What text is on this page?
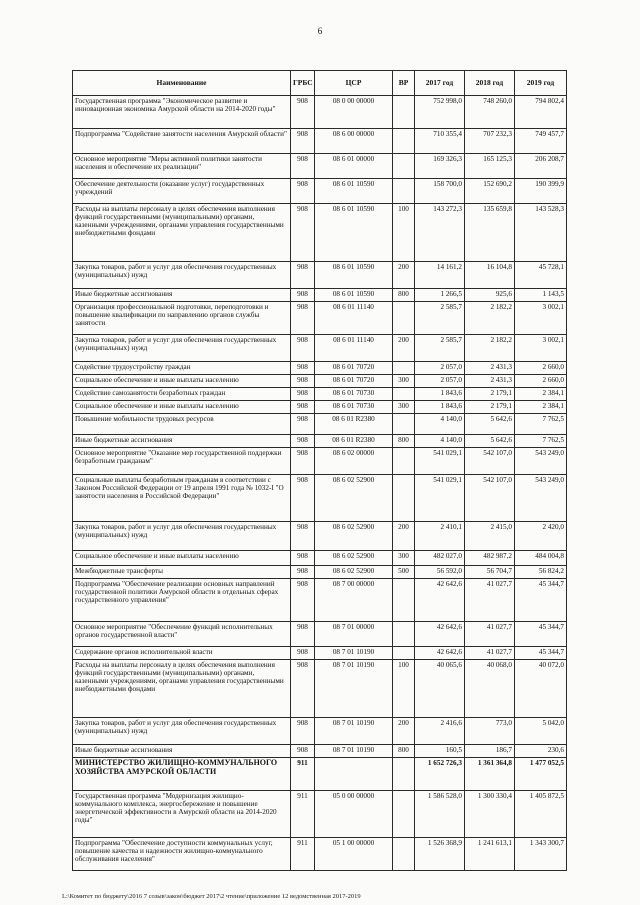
6
Наименование	ГРБС	ЦСР	ВР	2017 год	2018 год	2019 год
Государственная программа "Экономическое развитие и инновационная экономика Амурской области на 2014-2020 годы"	908	08 0 00 00000		752 998,0	748 260,0	794 802,4
Подпрограмма "Содействие занятости населения Амурской области"	908	08 6 00 00000		710 355,4	707 232,3	749 457,7
Основное мероприятие "Меры активной политики занятости населения и обеспечение их реализации"	908	08 6 01 00000		169 326,3	165 125,3	206 208,7
Обеспечение деятельности (оказание услуг) государственных учреждений	908	08 6 01 10590		158 700,0	152 690,2	190 399,9
Расходы на выплаты персоналу в целях обеспечения выполнения функций государственными (муниципальными) органами, казенными учреждениями, органами управления государственными внебюджетными фондами	908	08 6 01 10590	100	143 272,3	135 659,8	143 528,3
Закупка товаров, работ и услуг для обеспечения государственных (муниципальных) нужд	908	08 6 01 10590	200	14 161,2	16 104,8	45 728,1
Иные бюджетные ассигнования	908	08 6 01 10590	800	1 266,5	925,6	1 143,5
Организация профессиональной подготовки, переподготовки и повышение квалификации по направлению органов службы занятости	908	08 6 01 11140		2 585,7	2 182,2	3 002,1
Закупка товаров, работ и услуг для обеспечения государственных (муниципальных) нужд	908	08 6 01 11140	200	2 585,7	2 182,2	3 002,1
Содействие трудоустройству граждан	908	08 6 01 70720		2 057,0	2 431,3	2 660,0
Социальное обеспечение и иные выплаты населению	908	08 6 01 70720	300	2 057,0	2 431,3	2 660,0
Содействие самозанятости безработных граждан	908	08 6 01 70730		1 843,6	2 179,1	2 384,1
Социальное обеспечение и иные выплаты населению	908	08 6 01 70730	300	1 843,6	2 179,1	2 384,1
Повышение мобильности трудовых ресурсов	908	08 6 01 R2380		4 140,0	5 642,6	7 762,5
Иные бюджетные ассигнования	908	08 6 01 R2380	800	4 140,0	5 642,6	7 762,5
Основное мероприятие "Оказание мер государственной поддержки безработным гражданам"	908	08 6 02 00000		541 029,1	542 107,0	543 249,0
Социальные выплаты безработным гражданам в соответствии с Законом Российской Федерации от 19 апреля 1991 года № 1032-I "О занятости населения в Российской Федерации"	908	08 6 02 52900		541 029,1	542 107,0	543 249,0
Закупка товаров, работ и услуг для обеспечения государственных (муниципальных) нужд	908	08 6 02 52900	200	2 410,1	2 415,0	2 420,0
Социальное обеспечение и иные выплаты населению	908	08 6 02 52900	300	482 027,0	482 987,2	484 004,8
Межбюджетные трансферты	908	08 6 02 52900	500	56 592,0	56 704,7	56 824,2
Подпрограмма "Обеспечение реализации основных направлений государственной политики Амурской области в отдельных сферах государственного управления"	908	08 7 00 00000		42 642,6	41 027,7	45 344,7
Основное мероприятие "Обеспечение функций исполнительных органов государственной власти"	908	08 7 01 00000		42 642,6	41 027,7	45 344,7
Содержание органов исполнительной власти	908	08 7 01 10190		42 642,6	41 027,7	45 344,7
Расходы на выплаты персоналу в целях обеспечения выполнения функций государственными (муниципальными) органами, казенными учреждениями, органами управления государственными внебюджетными фондами	908	08 7 01 10190	100	40 065,6	40 068,0	40 072,0
Закупка товаров, работ и услуг для обеспечения государственных (муниципальных) нужд	908	08 7 01 10190	200	2 416,6	773,0	5 042,0
Иные бюджетные ассигнования	908	08 7 01 10190	800	160,5	186,7	230,6
МИНИСТЕРСТВО ЖИЛИЩНО-КОММУНАЛЬНОГО ХОЗЯЙСТВА АМУРСКОЙ ОБЛАСТИ	911			1 652 726,3	1 361 364,8	1 477 052,5
Государственная программа "Модернизация жилищно-коммунального комплекса, энергосбережение и повышение энергетической эффективности в Амурской области на 2014-2020 годы"	911	05 0 00 00000		1 586 528,0	1 300 330,4	1 405 872,5
Подпрограмма "Обеспечение доступности коммунальных услуг, повышение качества и надежности жилищно-коммунального обслуживания населения"	911	05 1 00 00000		1 526 368,9	1 241 613,1	1 343 300,7
L:\Комитет по бюджету\2016 7 созыв\закон\бюджет 2017\2 чтение\приложение 12 ведомственная 2017-2019
